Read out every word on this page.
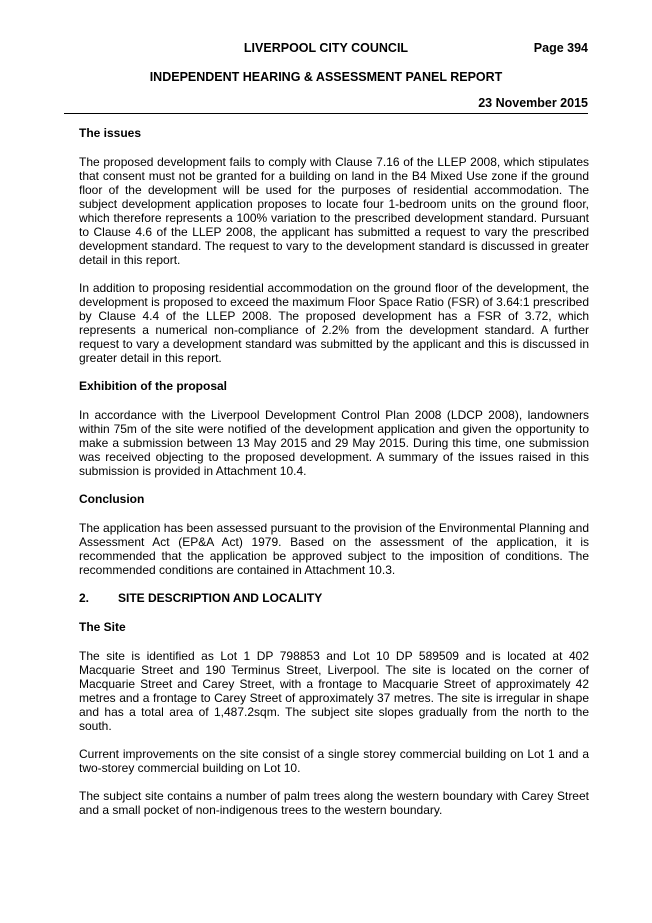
LIVERPOOL CITY COUNCIL	Page 394
INDEPENDENT HEARING & ASSESSMENT PANEL REPORT
23 November 2015
The issues

The proposed development fails to comply with Clause 7.16 of the LLEP 2008, which stipulates that consent must not be granted for a building on land in the B4 Mixed Use zone if the ground floor of the development will be used for the purposes of residential accommodation. The subject development application proposes to locate four 1-bedroom units on the ground floor, which therefore represents a 100% variation to the prescribed development standard. Pursuant to Clause 4.6 of the LLEP 2008, the applicant has submitted a request to vary the prescribed development standard. The request to vary to the development standard is discussed in greater detail in this report.

In addition to proposing residential accommodation on the ground floor of the development, the development is proposed to exceed the maximum Floor Space Ratio (FSR) of 3.64:1 prescribed by Clause 4.4 of the LLEP 2008. The proposed development has a FSR of 3.72, which represents a numerical non-compliance of 2.2% from the development standard. A further request to vary a development standard was submitted by the applicant and this is discussed in greater detail in this report.

Exhibition of the proposal

In accordance with the Liverpool Development Control Plan 2008 (LDCP 2008), landowners within 75m of the site were notified of the development application and given the opportunity to make a submission between 13 May 2015 and 29 May 2015. During this time, one submission was received objecting to the proposed development. A summary of the issues raised in this submission is provided in Attachment 10.4.

Conclusion

The application has been assessed pursuant to the provision of the Environmental Planning and Assessment Act (EP&A Act) 1979. Based on the assessment of the application, it is recommended that the application be approved subject to the imposition of conditions. The recommended conditions are contained in Attachment 10.3.

2.	SITE DESCRIPTION AND LOCALITY
The Site

The site is identified as Lot 1 DP 798853 and Lot 10 DP 589509 and is located at 402 Macquarie Street and 190 Terminus Street, Liverpool. The site is located on the corner of Macquarie Street and Carey Street, with a frontage to Macquarie Street of approximately 42 metres and a frontage to Carey Street of approximately 37 metres. The site is irregular in shape and has a total area of 1,487.2sqm. The subject site slopes gradually from the north to the south.

Current improvements on the site consist of a single storey commercial building on Lot 1 and a two-storey commercial building on Lot 10.

The subject site contains a number of palm trees along the western boundary with Carey Street and a small pocket of non-indigenous trees to the western boundary.
